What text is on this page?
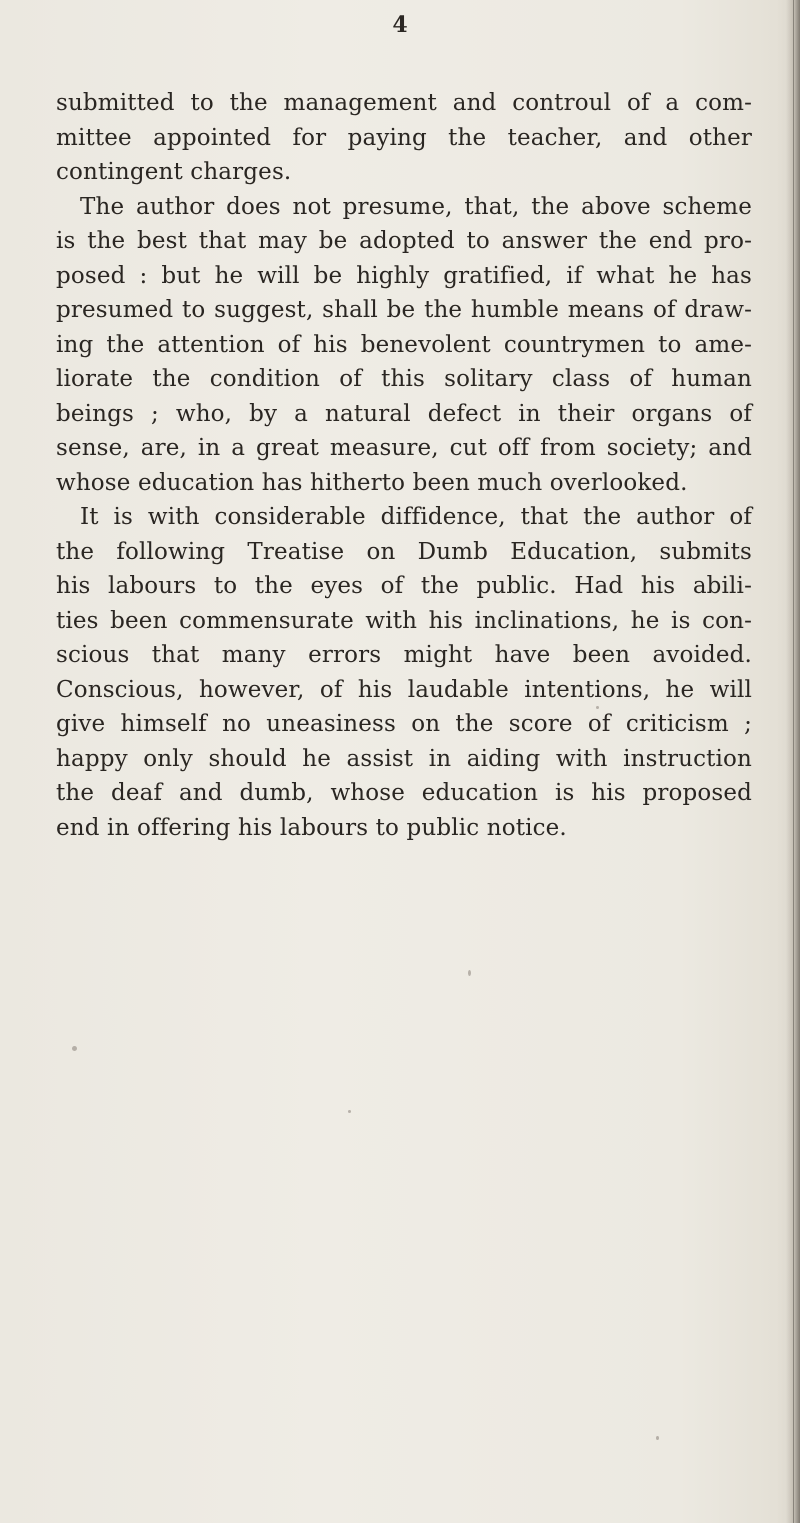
4
submitted to the management and controul of a com-
mittee appointed for paying the teacher, and other
contingent charges.
The author does not presume, that, the above scheme
is the best that may be adopted to answer the end pro-
posed : but he will be highly gratified, if what he has
presumed to suggest, shall be the humble means of draw-
ing the attention of his benevolent countrymen to ame-
liorate the condition of this solitary class of human
beings ; who, by a natural defect in their organs of
sense, are, in a great measure, cut off from society; and
whose education has hitherto been much overlooked.
It is with considerable diffidence, that the author of
the following Treatise on Dumb Education, submits
his labours to the eyes of the public. Had his abili-
ties been commensurate with his inclinations, he is con-
scious that many errors might have been avoided.
Conscious, however, of his laudable intentions, he will
give himself no uneasiness on the score of criticism ;
happy only should he assist in aiding with instruction
the deaf and dumb, whose education is his proposed
end in offering his labours to public notice.
